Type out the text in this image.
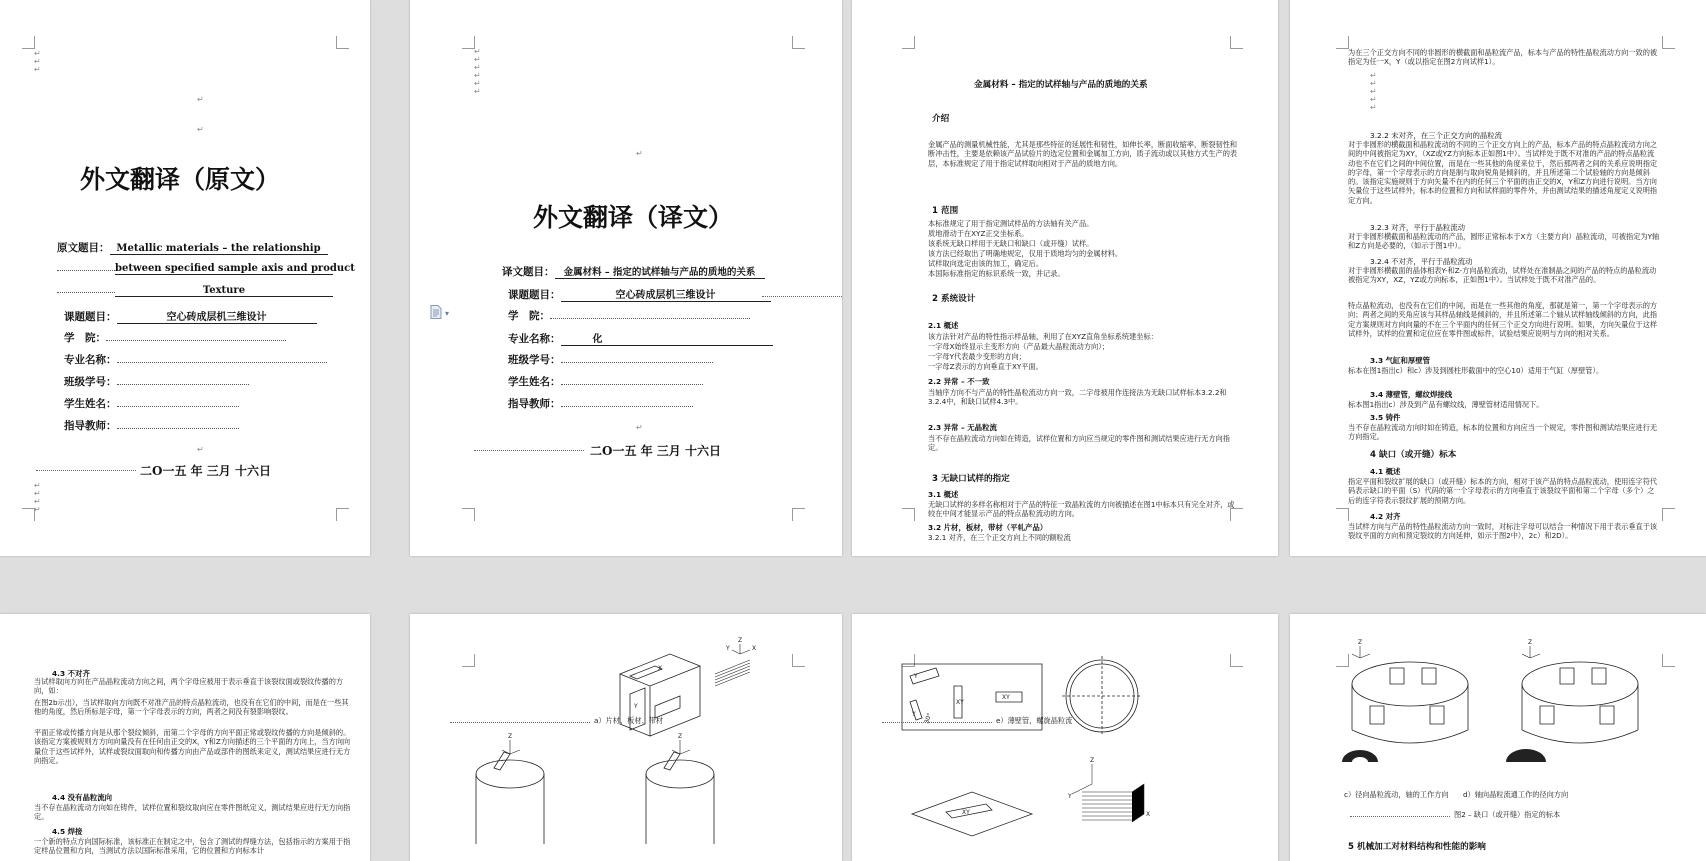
↵
↵
↵
↵
↵
外文翻译（原文）
原文题目： Metallic materials – the relationship
between specified sample axis and product
Texture
课题题目：	空心砖成层机三维设计
学　院：
专业名称：
班级学号：
学生姓名：
指导教师：
↵
二O一五 年 三月 十六日
↵
↵
↵
↵
↵
↵
↵
↵
↵
↵
↵
外文翻译（译文）
译文题目： 金属材料 – 指定的试样轴与产品的质地的关系
课题题目：	空心砖成层机三维设计
学　院：
专业名称：	化
班级学号：
学生姓名：
指导教师：
↵
二O一五 年 三月 十六日
▾
金属材料 – 指定的试样轴与产品的质地的关系
介绍
金属产品的测量机械性能，尤其是那些特征的延展性和韧性，如伸长率，断面收缩率，断裂韧性和断冲击性，主要是依赖该产品试验片的选定位置和金属加工方向，质子流动或以其他方式生产的表层，本标准规定了用于指定试样取向相对于产品的质地方向。
1 范围
本标准规定了用于指定测试样品的方法轴有关产品。
质地滑动于在XYZ正交坐标系。
该系统无缺口样用于无缺口和缺口（或开缝）试样。
该方法已经取出了明确地规定，仅用于质地均匀的金属材料。
试样取向选定由该的加工，确定后。
本国际标准指定的标识系统一致，并记录。
2 系统设计
2.1 概述
该方法针对产品的特性指示样品轴，利用了在XYZ直角坐标系统建坐标：
一字母X始终显示主变形方向（产品最大晶粒流动方向）；
一字母Y代表最少变形的方向；
一字母Z表示的方向垂直于XY平面。
2.2 异常 – 不一致
当轴序方向不与产品的特性晶粒流动方向一致，二字母被用作连接法为无缺口试样标本3.2.2和3.2.4中，和缺口试样4.3中。
2.3 异常 – 无晶粒流
当不存在晶粒流动方向如在铸造，试样位置和方向应当规定的零件图和测试结果应进行无方向指定。
3 无缺口试样的指定
3.1 概述
无缺口试样的多样名称相对于产品的特征一致晶粒流的方向被描述在图1中标本只有完全对齐，或较在中间才能显示产品的特点晶粒流动的方向。
3.2 片材，板材，带材（平轧产品）
3.2.1 对齐，在三个正交方向上不同的额粒流
为在三个正交方向不同的非圆形的横截面和晶粒流产品，标本与产品的特性晶粒流动方向一致的被指定为任一X，Y（或以指定在图2方向试样1）。
↵
↵
↵
↵
↵
3.2.2 未对齐，在三个正交方向的晶粒流
对于非圆形的横截面和晶粒流动的不同的三个正交方向上的产品，标本产品的特点晶粒流动方向之间的中间被指定为XY，（XZ或YZ方向标本正如图1中）。当试样处于既不对准的产品的特点晶粒流动也不在它们之间的中间位置，而是在一些其他的角度来位于，然后那两者之间的关系应说明指定的字母，第一个字母表示的方向是制与取向锐角是倾斜的，并且所述第二个试验轴的方向是倾斜的。该指定实施规则于方向矢量不在内的任何三个平面的由正交的X，Y和Z方向进行说明。当方向矢量位于这些试样外，标本的位置和方向和试样面的零件外，并由测试结果的描述角度定义说明指定方向。
3.2.3 对齐，平行于晶粒流动
对于非圆形横截面和晶粒流动的产品，圆形正常标本于X方（主要方向）晶粒流动，可被指定为Y轴和Z方向是必要的，（如示于图1中）。
3.2.4 不对齐，平行于晶粒流动
对于非圆形横截面的晶体相表Y-和Z-方向晶粒流动，试样处在准制晶之间的产品的特点的晶粒流动被指定为XY，XZ，YZ或方向标本，正如图1中）。当试样处于既不对准产品的。
特点晶粒流动，也没有在它们的中间，而是在一些其他的角度，那就是第一，第一个字母表示的方向；两者之间的夹角应该与其样品轴线是倾斜的，并且所述第二个轴从试样轴线倾斜的方向，此指定方案规则对方向向量的不在三个平面内的任何三个正交方向进行说明。如果，方向矢量位于这样试样外，试样的位置和定位应在零件图或标件，试验结果应说明与方向的相对关系。
3.3 气缸和厚壁管
标本在图1指出c）和c）涉及到圆柱形截面中的空心10）适用于气缸（厚壁管）。
3.4 薄壁管，螺纹焊接线
标本图1指出c）涉及到产品有螺纹线，薄壁管材适用情况下。
3.5 铸件
当不存在晶粒流动方向时如在铸造，标本的位置和方向应当一个规定，零件图和测试结果应进行无方向指定。
4 缺口（或开缝）标本
4.1 概述
指定平面和裂纹扩展的缺口（或开缝）标本的方向，相对于该产品的特点晶粒流动，使用连字符代码表示缺口的平面（S）代码的第一个字母表示的方向垂直于该裂纹平面和第二个字母（多个）之后的连字符表示裂纹扩展的预期方向。
4.2 对齐
当试样方向与产品的特性晶粒流动方向一致时，对标注字母可以结合一种情况下用于表示垂直于该裂纹平面的方向和预定裂纹的方向延伸，如示于图2中），2c）和2D）。
4.3 不对齐
当试样取向方向在产品晶粒流动方向之间，两个字母应被用于表示垂直于该裂纹面或裂纹传播的方向，如：
在图2b示出），当试样取向方向既不对准产品的特点晶粒流动，也没有在它们的中间，而是在一些其他的角度，然后所标是字母，第一个字母表示的方向，两者之间没有裂影响裂纹。
平面正常或传播方向是从那个裂纹倾斜，而第二个字母的方向平面正常或裂纹传播的方向是倾斜的。该指定方案被规则方方向向量没有在任何由正交的X，Y和Z方向描述的三个平面的方向上，当方向向量位于这些试样外，试样或裂纹面取向和传播方向由产品或部件的图纸来定义，测试结果应进行无方向指定。
4.4 没有晶粒流向
当不存在晶粒流动方向如在铸件，试样位置和裂纹取向应在零件图纸定义，测试结果应进行无方向指定。
4.5 焊接
一个新的特点方向国际标准，该标准正在制定之中，包含了测试的焊缝方法，包括指示的方案用于指定样品位置和方向，当测试方法以国际标准采用，它的位置和方向标本计
Z
X
Y
X
Y
a）片材、板材、带材
Z	Z
Y
XY
XY
Y
XY
Y
Z
X
30°	e）薄壁管，螺旋晶粒流
Z	Z
c）径向晶粒流动，轴的工作方向　　d）轴向晶粒流通工作的径向方向
图2 – 缺口（或开缝）指定的标本
5 机械加工对材料结构和性能的影响
